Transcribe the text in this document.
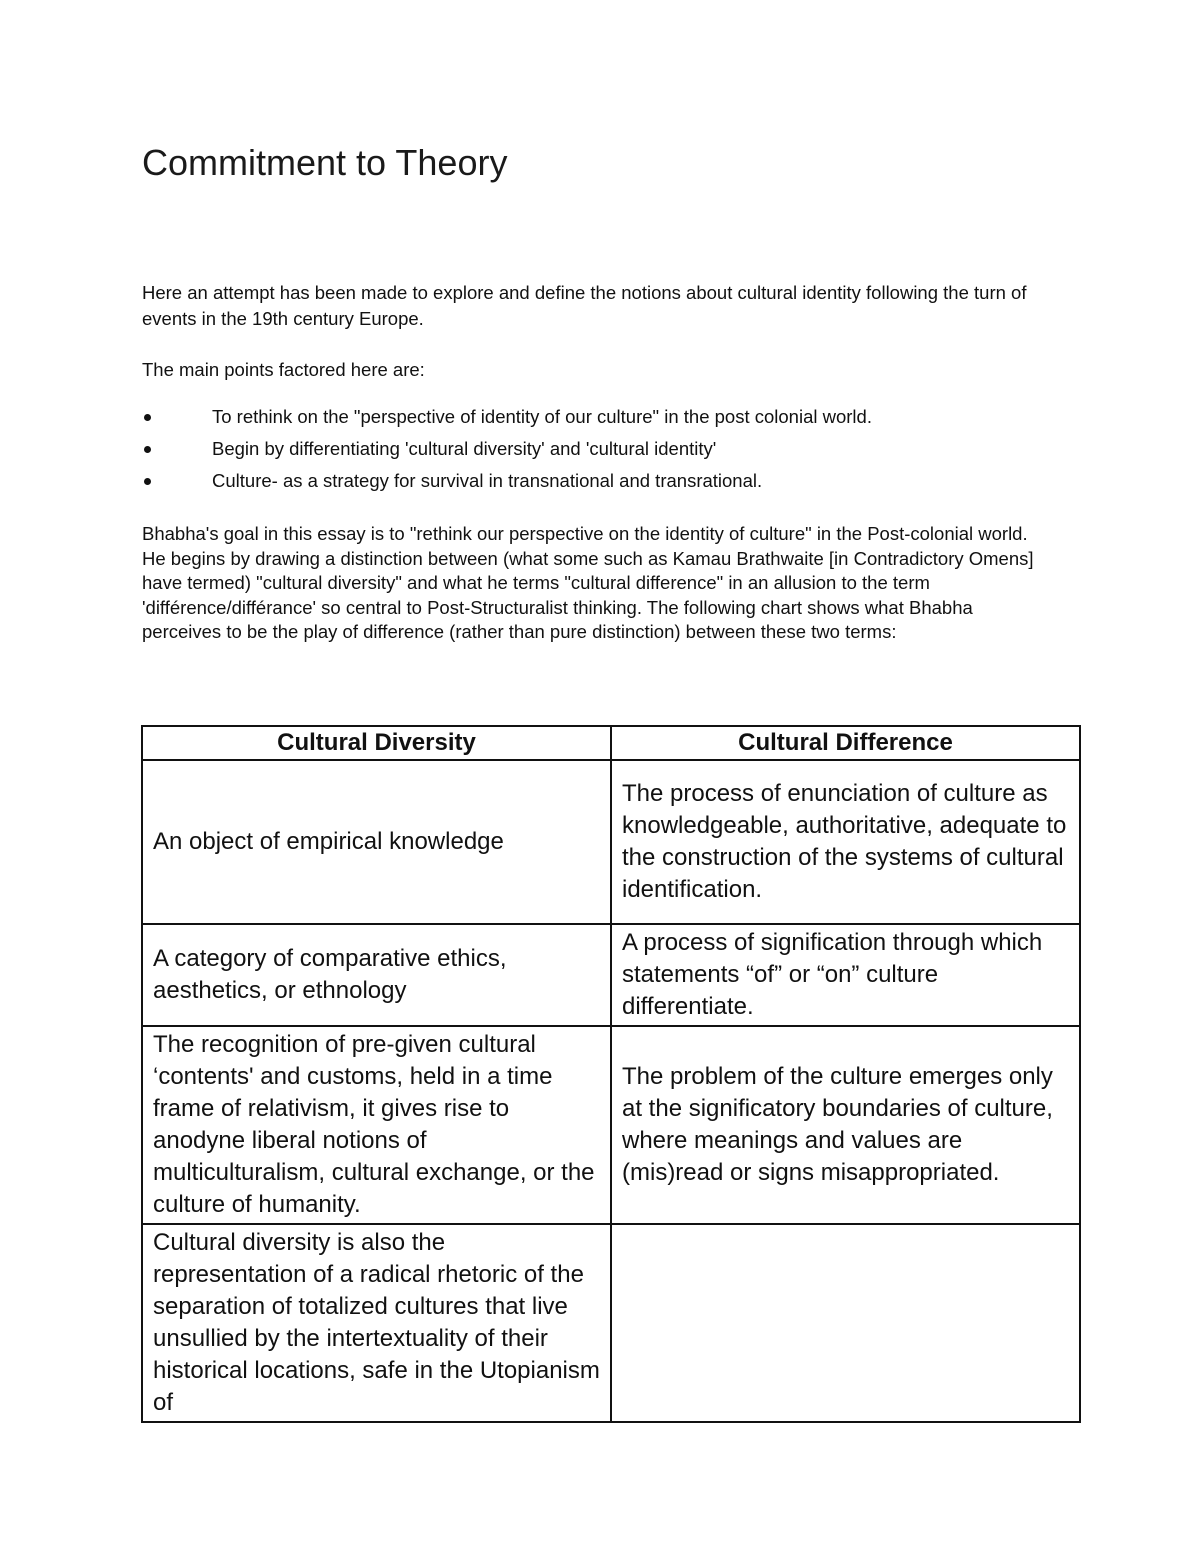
Commitment to Theory

Here an attempt has been made to explore and define the notions about cultural identity following the turn of events in the 19th century Europe.

The main points factored here are:

To rethink on the "perspective of identity of our culture" in the post colonial world.
Begin by differentiating 'cultural diversity' and 'cultural identity'
Culture- as a strategy for survival in transnational and transrational.

Bhabha's goal in this essay is to "rethink our perspective on the identity of culture" in the Post-colonial world. He begins by drawing a distinction between (what some such as Kamau Brathwaite [in Contradictory Omens] have termed) "cultural diversity" and what he terms "cultural difference" in an allusion to the term 'différence/différance' so central to Post-Structuralist thinking. The following chart shows what Bhabha perceives to be the play of difference (rather than pure distinction) between these two terms:

Cultural Diversity	Cultural Difference
An object of empirical knowledge	The process of enunciation of culture as knowledgeable, authoritative, adequate to the construction of the systems of cultural identification.
A category of comparative ethics, aesthetics, or ethnology	A process of signification through which statements “of” or “on” culture differentiate.
The recognition of pre-given cultural ‘contents' and customs, held in a time frame of relativism, it gives rise to anodyne liberal notions of multiculturalism, cultural exchange, or the culture of humanity.	The problem of the culture emerges only at the significatory boundaries of culture, where meanings and values are (mis)read or signs misappropriated.
Cultural diversity is also the representation of a radical rhetoric of the separation of totalized cultures that live unsullied by the intertextuality of their historical locations, safe in the Utopianism of	
